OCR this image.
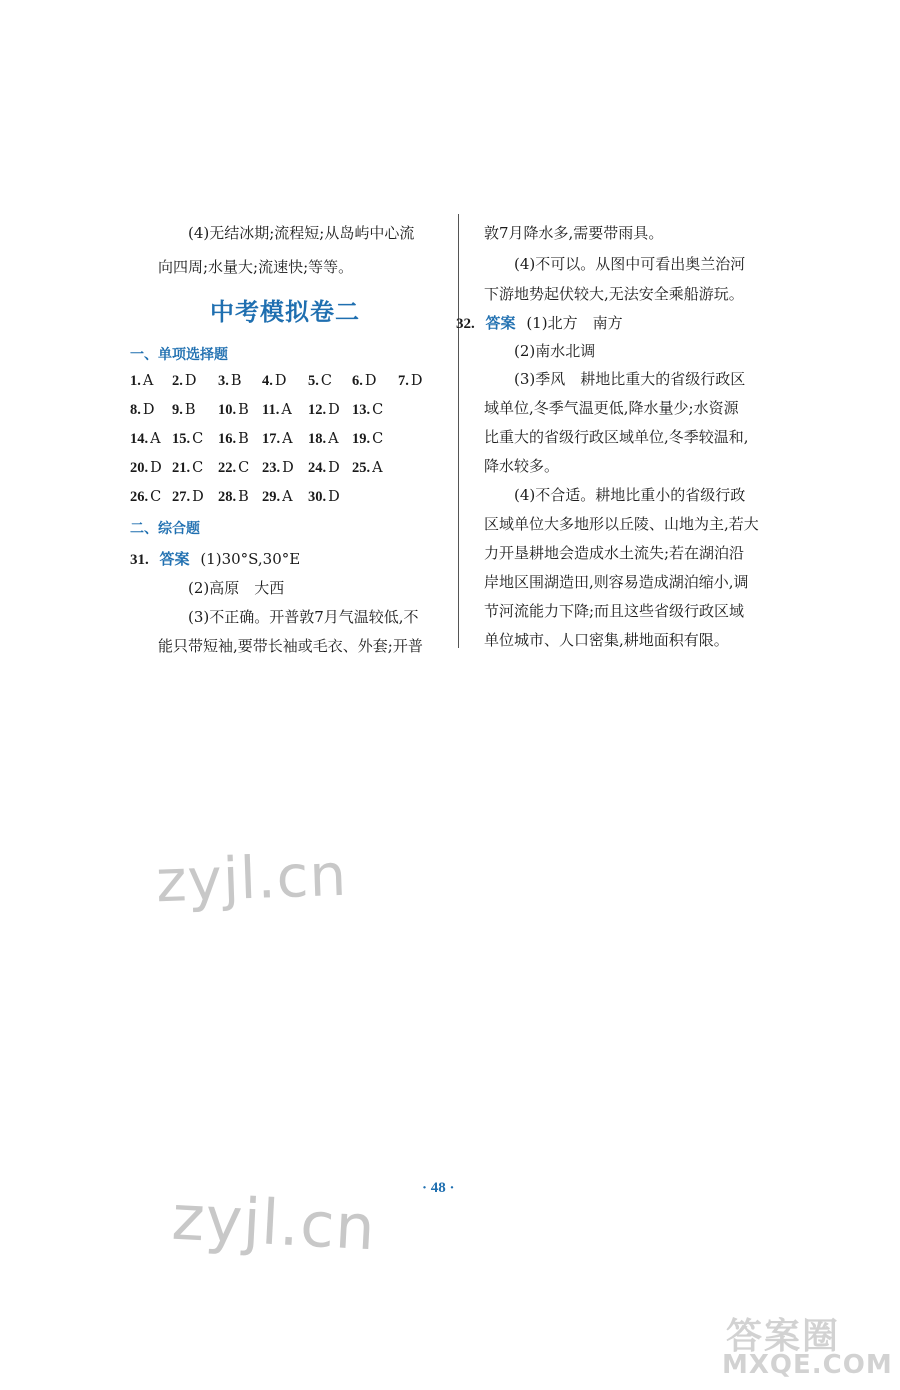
(4)无结冰期;流程短;从岛屿中心流
向四周;水量大;流速快;等等。
中考模拟卷二
一、单项选择题
1. A 2. D 3. B 4. D 5. C 6. D 7. D
8. D 9. B 10. B 11. A 12. D 13. C
14. A 15. C 16. B 17. A 18. A 19. C
20. D 21. C 22. C 23. D 24. D 25. A
26. C 27. D 28. B 29. A 30. D
二、综合题
31. 答案 (1)30°S,30°E
(2)高原　大西
(3)不正确。开普敦7月气温较低,不
能只带短袖,要带长袖或毛衣、外套;开普
敦7月降水多,需要带雨具。
(4)不可以。从图中可看出奥兰治河
下游地势起伏较大,无法安全乘船游玩。
32. 答案 (1)北方　南方
(2)南水北调
(3)季风　耕地比重大的省级行政区
域单位,冬季气温更低,降水量少;水资源
比重大的省级行政区域单位,冬季较温和,
降水较多。
(4)不合适。耕地比重小的省级行政
区域单位大多地形以丘陵、山地为主,若大
力开垦耕地会造成水土流失;若在湖泊沿
岸地区围湖造田,则容易造成湖泊缩小,调
节河流能力下降;而且这些省级行政区域
单位城市、人口密集,耕地面积有限。
zyjl.cn
zyjl.cn	· 48 ·
答案圈
MXQE.COM
